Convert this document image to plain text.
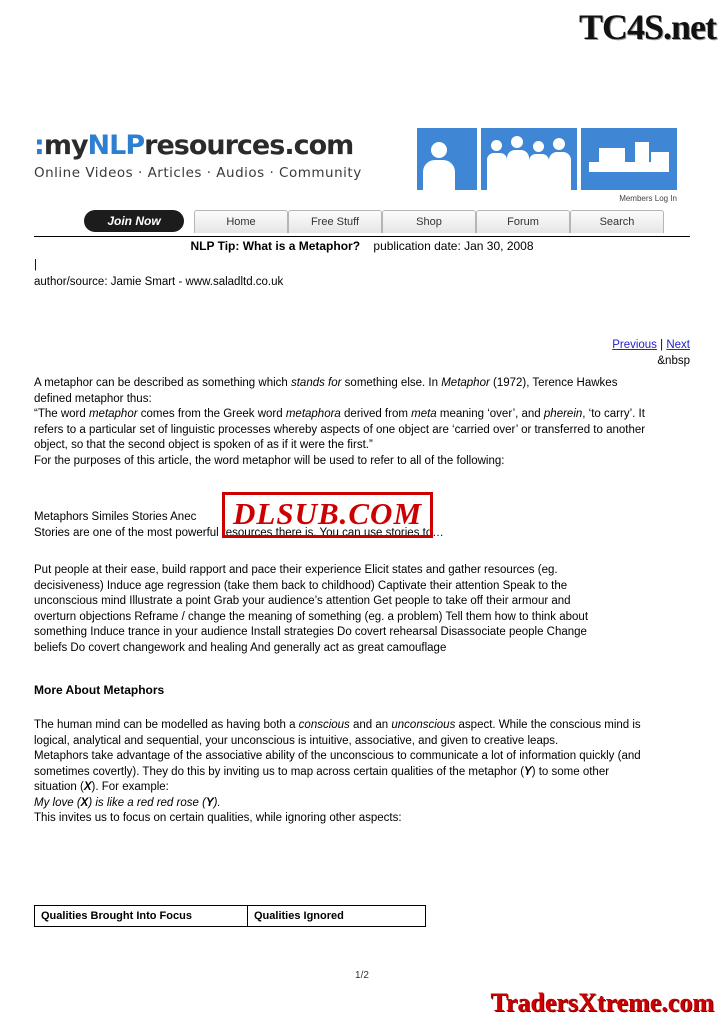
TC4S.net
:myNLPresources.com
Online Videos · Articles · Audios · Community
Members Log In
Join Now	Home	Free Stuff	Shop	Forum	Search
NLP Tip: What is a Metaphor? publication date: Jan 30, 2008
|
author/source: Jamie Smart - www.saladltd.co.uk
Previous | Next
&nbsp

A metaphor can be described as something which stands for something else. In Metaphor (1972), Terence Hawkes

defined metaphor thus:

“The word metaphor comes from the Greek word metaphora derived from meta meaning ‘over’, and pherein, ‘to carry’. It

refers to a particular set of linguistic processes whereby aspects of one object are ‘carried over’ or transferred to another

object, so that the second object is spoken of as if it were the first.”

For the purposes of this article, the word metaphor will be used to refer to all of the following:

Metaphors Similes Stories Anec
Stories are one of the most powerful resources there is. You can use stories to…

Put people at their ease, build rapport and pace their experience Elicit states and gather resources (eg.

decisiveness) Induce age regression (take them back to childhood) Captivate their attention Speak to the

unconscious mind Illustrate a point Grab your audience’s attention Get people to take off their armour and

overturn objections Reframe / change the meaning of something (eg. a problem) Tell them how to think about

something Induce trance in your audience Install strategies Do covert rehearsal Disassociate people Change

beliefs Do covert changework and healing And generally act as great camouflage

More About Metaphors

The human mind can be modelled as having both a conscious and an unconscious aspect. While the conscious mind is

logical, analytical and sequential, your unconscious is intuitive, associative, and given to creative leaps.

Metaphors take advantage of the associative ability of the unconscious to communicate a lot of information quickly (and

sometimes covertly). They do this by inviting us to map across certain qualities of the metaphor (Y) to some other

situation (X). For example:

My love (X) is like a red red rose (Y).

This invites us to focus on certain qualities, while ignoring other aspects:

DLSUB.COM
Qualities Brought Into Focus	Qualities Ignored
1/2
TradersXtreme.com
